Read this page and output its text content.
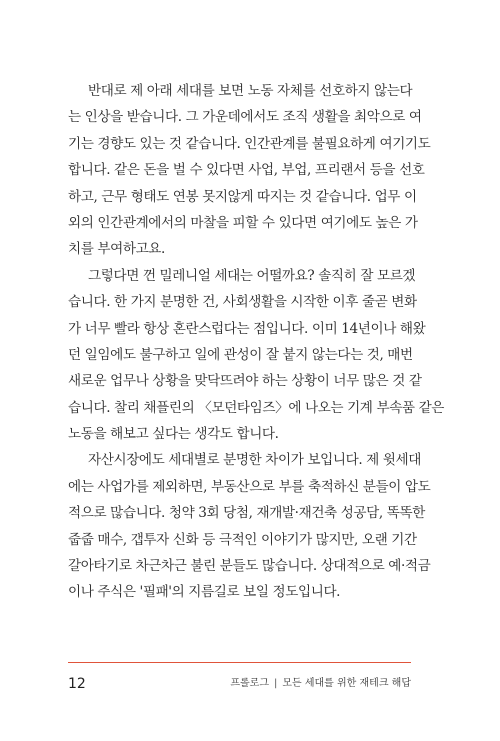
반대로 제 아래 세대를 보면 노동 자체를 선호하지 않는다
는 인상을 받습니다. 그 가운데에서도 조직 생활을 최악으로 여
기는 경향도 있는 것 같습니다. 인간관계를 불필요하게 여기기도
합니다. 같은 돈을 벌 수 있다면 사업, 부업, 프리랜서 등을 선호
하고, 근무 형태도 연봉 못지않게 따지는 것 같습니다. 업무 이
외의 인간관계에서의 마찰을 피할 수 있다면 여기에도 높은 가
치를 부여하고요.
그렇다면 껀 밀레니얼 세대는 어떨까요? 솔직히 잘 모르겠
습니다. 한 가지 분명한 건, 사회생활을 시작한 이후 줄곧 변화
가 너무 빨라 항상 혼란스럽다는 점입니다. 이미 14년이나 해왔
던 일임에도 불구하고 일에 관성이 잘 붙지 않는다는 것, 매번
새로운 업무나 상황을 맞닥뜨려야 하는 상황이 너무 많은 것 같
습니다. 찰리 채플린의 〈모던타임즈〉에 나오는 기계 부속품 같은
노동을 해보고 싶다는 생각도 합니다.
자산시장에도 세대별로 분명한 차이가 보입니다. 제 윗세대
에는 사업가를 제외하면, 부동산으로 부를 축적하신 분들이 압도
적으로 많습니다. 청약 3회 당첨, 재개발·재건축 성공담, 똑똑한
줍줍 매수, 갭투자 신화 등 극적인 이야기가 많지만, 오랜 기간
갈아타기로 차근차근 불린 분들도 많습니다. 상대적으로 예·적금
이나 주식은 '필패'의 지름길로 보일 정도입니다.
12	프롤로그 | 모든 세대를 위한 재테크 해답
